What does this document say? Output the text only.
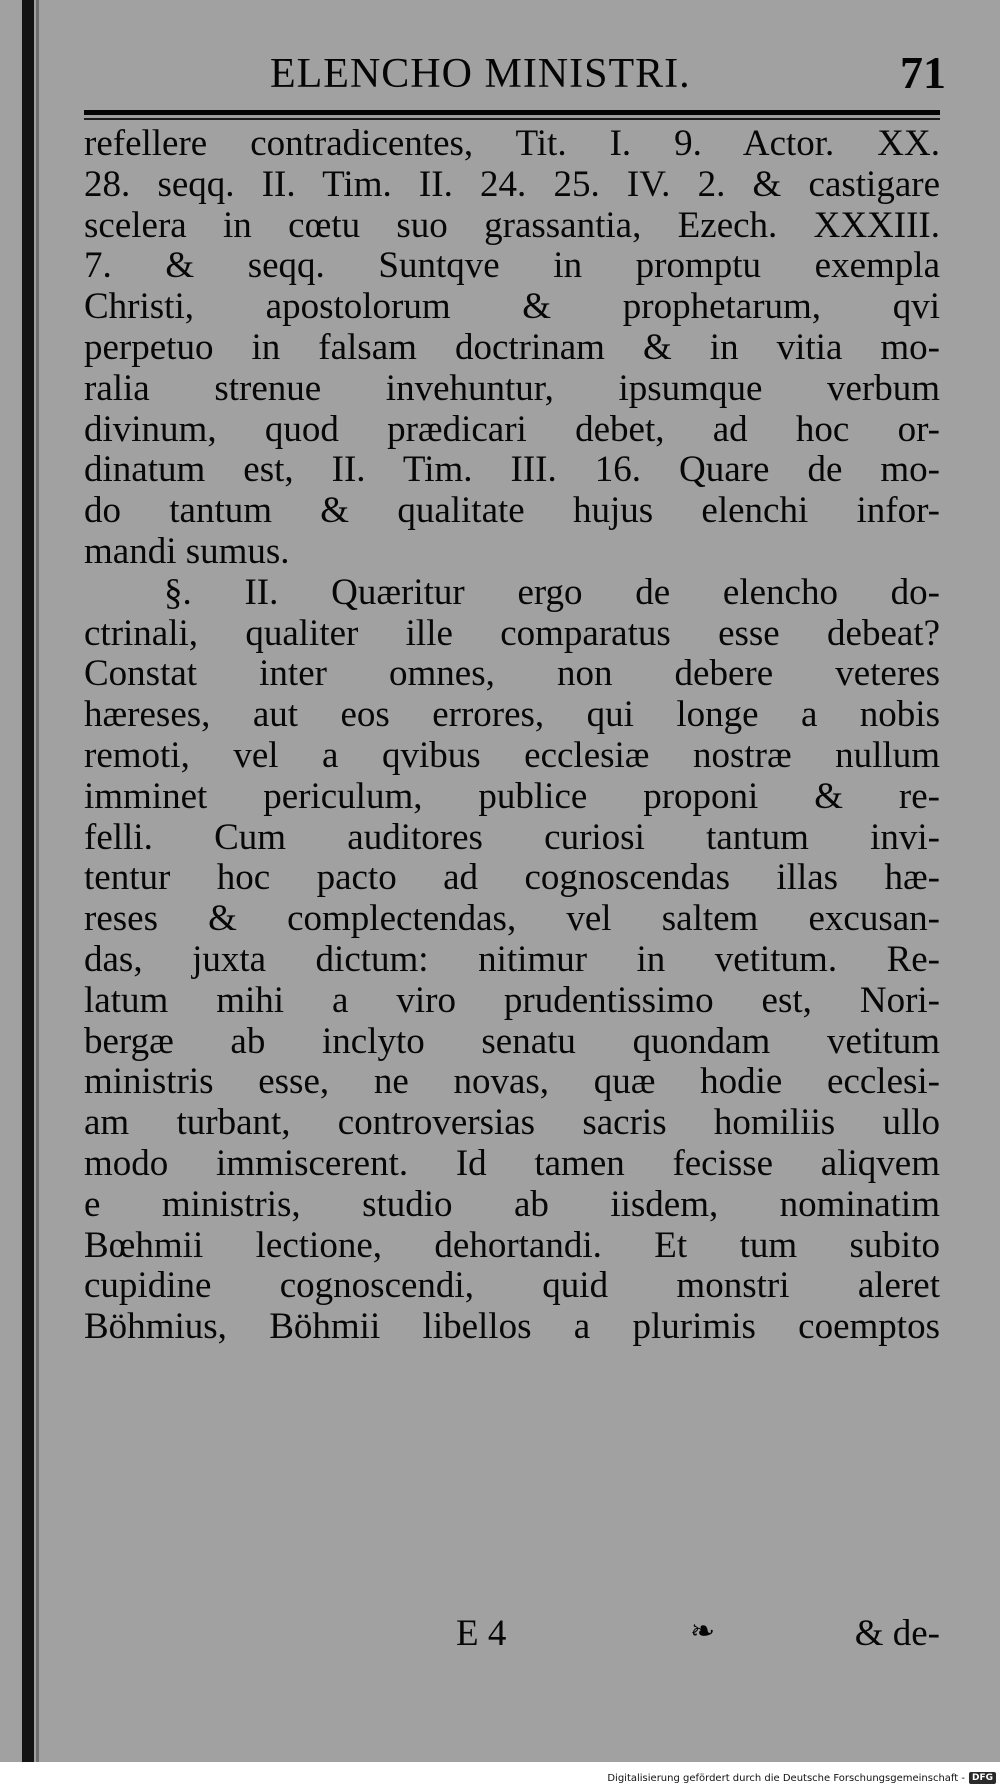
ELENCHO MINISTRI.	71
refellere contradicentes, Tit. I. 9. Actor. XX.
28. seqq. II. Tim. II. 24. 25. IV. 2. & castigare
scelera in cœtu suo grassantia, Ezech. XXXIII.
7. & seqq. Suntqve in promptu exempla
Christi, apostolorum & prophetarum, qvi
perpetuo in falsam doctrinam & in vitia mo-
ralia strenue invehuntur, ipsumque verbum
divinum, quod prædicari debet, ad hoc or-
dinatum est, II. Tim. III. 16. Quare de mo-
do tantum & qualitate hujus elenchi infor-
mandi sumus.
§. II. Quæritur ergo de elencho do-
ctrinali, qualiter ille comparatus esse debeat?
Constat inter omnes, non debere veteres
hæreses, aut eos errores, qui longe a nobis
remoti, vel a qvibus ecclesiæ nostræ nullum
imminet periculum, publice proponi & re-
felli. Cum auditores curiosi tantum invi-
tentur hoc pacto ad cognoscendas illas hæ-
reses & complectendas, vel saltem excusan-
das, juxta dictum: nitimur in vetitum. Re-
latum mihi a viro prudentissimo est, Nori-
bergæ ab inclyto senatu quondam vetitum
ministris esse, ne novas, quæ hodie ecclesi-
am turbant, controversias sacris homiliis ullo
modo immiscerent. Id tamen fecisse aliqvem
e ministris, studio ab iisdem, nominatim
Bœhmii lectione, dehortandi. Et tum subito
cupidine cognoscendi, quid monstri aleret
Böhmius, Böhmii libellos a plurimis coemptos
E 4	❧	& de-
Digitalisierung gefördert durch die Deutsche Forschungsgemeinschaft - DFG
